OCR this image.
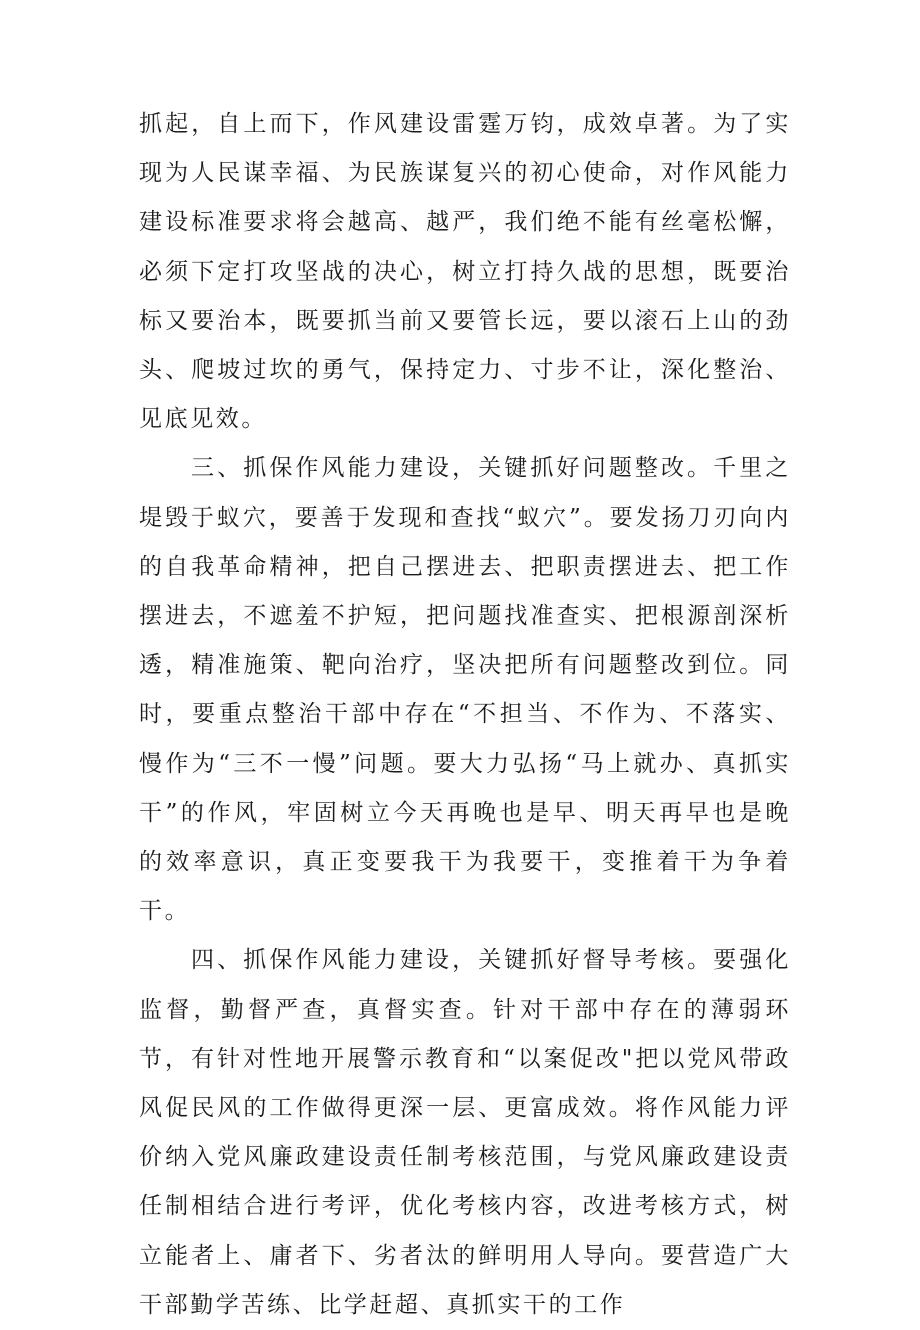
抓起，自上而下，作风建设雷霆万钧，成效卓著。为了实现为人民谋幸福、为民族谋复兴的初心使命，对作风能力建设标准要求将会越高、越严，我们绝不能有丝毫松懈，必须下定打攻坚战的决心，树立打持久战的思想，既要治标又要治本，既要抓当前又要管长远，要以滚石上山的劲头、爬坡过坎的勇气，保持定力、寸步不让，深化整治、见底见效。

三、抓保作风能力建设，关键抓好问题整改。千里之堤毁于蚁穴，要善于发现和查找“蚁穴”。要发扬刀刃向内的自我革命精神，把自己摆进去、把职责摆进去、把工作摆进去，不遮羞不护短，把问题找准查实、把根源剖深析透，精准施策、靶向治疗，坚决把所有问题整改到位。同时，要重点整治干部中存在“不担当、不作为、不落实、慢作为“三不一慢”问题。要大力弘扬“马上就办、真抓实干”的作风，牢固树立今天再晚也是早、明天再早也是晚的效率意识，真正变要我干为我要干，变推着干为争着干。

四、抓保作风能力建设，关键抓好督导考核。要强化监督，勤督严查，真督实查。针对干部中存在的薄弱环节，有针对性地开展警示教育和“以案促改"把以党风带政风促民风的工作做得更深一层、更富成效。将作风能力评价纳入党风廉政建设责任制考核范围，与党风廉政建设责任制相结合进行考评，优化考核内容，改进考核方式，树立能者上、庸者下、劣者汰的鲜明用人导向。要营造广大干部勤学苦练、比学赶超、真抓实干的工作
